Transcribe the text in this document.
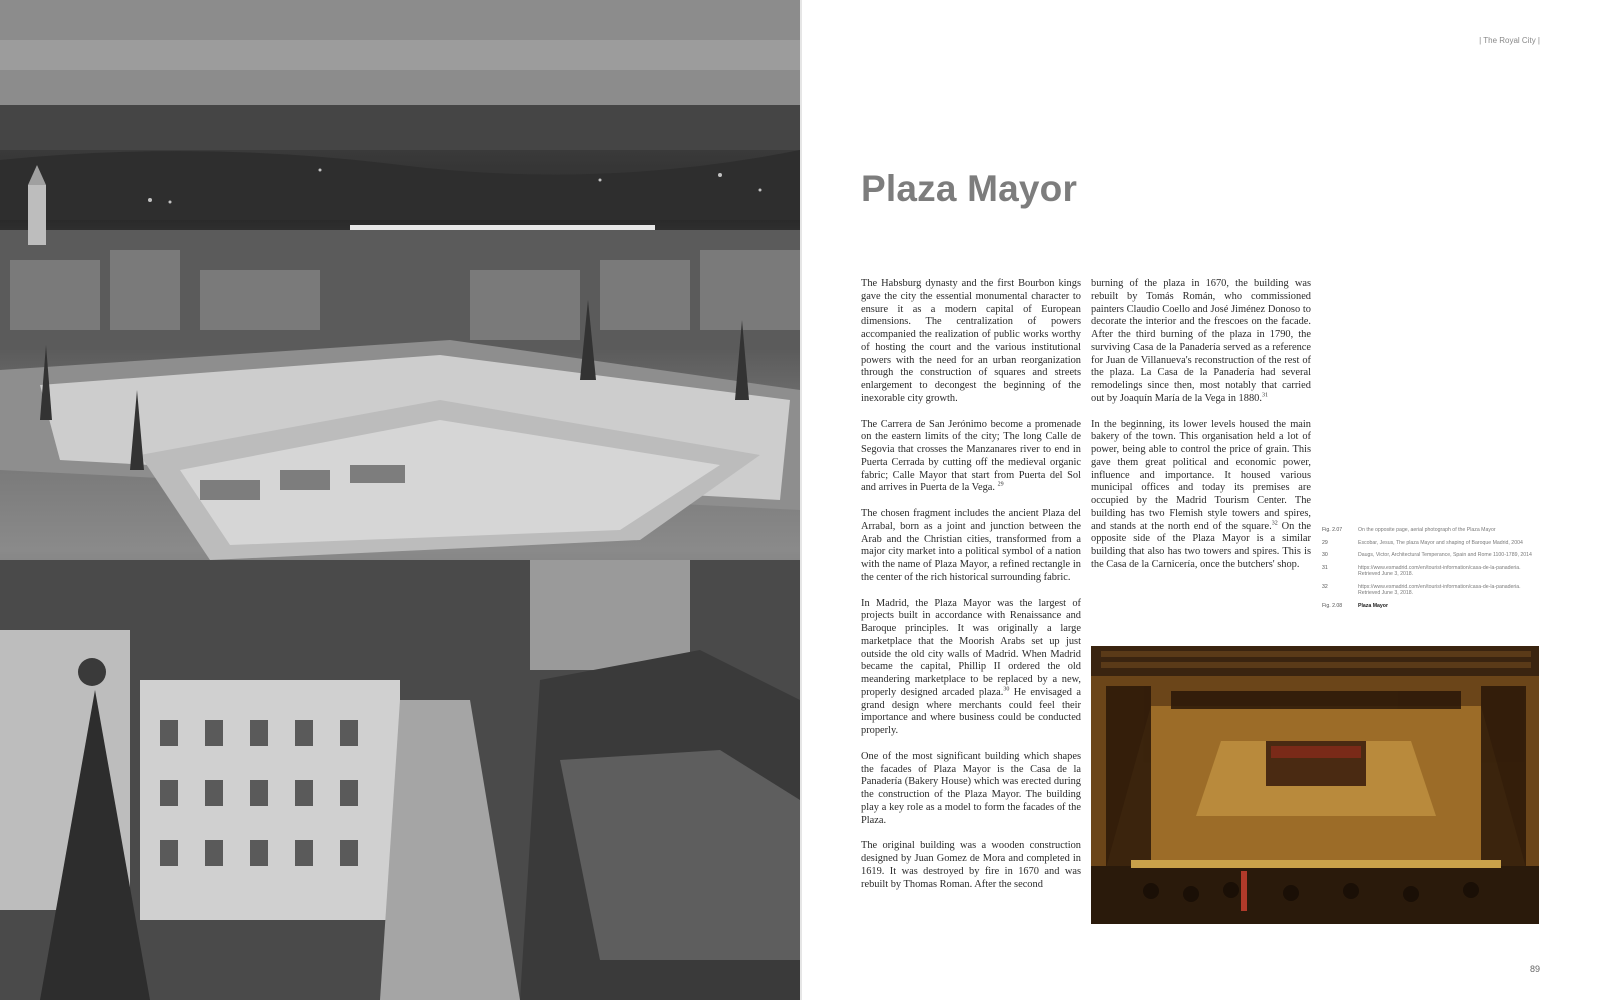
| The Royal City |
Plaza Mayor

The Habsburg dynasty and the first Bourbon kings gave the city the essential monumental character to ensure it as a modern capital of European dimensions. The centralization of powers accompanied the realization of public works worthy of hosting the court and the various institutional powers with the need for an urban reorganization through the construction of squares and streets enlargement to decongest the beginning of the inexorable city growth.

The Carrera de San Jerónimo become a promenade on the eastern limits of the city; The long Calle de Segovia that crosses the Manzanares river to end in Puerta Cerrada by cutting off the medieval organic fabric; Calle Mayor that start from Puerta del Sol and arrives in Puerta de la Vega. $^{29}$

The chosen fragment includes the ancient Plaza del Arrabal, born as a joint and junction between the Arab and the Christian cities, transformed from a major city market into a political symbol of a nation with the name of Plaza Mayor, a refined rectangle in the center of the rich historical surrounding fabric.

In Madrid, the Plaza Mayor was the largest of projects built in accordance with Renaissance and Baroque principles. It was originally a large marketplace that the Moorish Arabs set up just outside the old city walls of Madrid. When Madrid became the capital, Phillip II ordered the old meandering marketplace to be replaced by a new, properly designed arcaded plaza.$^{30}$ He envisaged a grand design where merchants could feel their importance and where business could be conducted properly.

One of the most significant building which shapes the facades of Plaza Mayor is the Casa de la Panadería (Bakery House) which was erected during the construction of the Plaza Mayor. The building play a key role as a model to form the facades of the Plaza.

The original building was a wooden construction designed by Juan Gomez de Mora and completed in 1619. It was destroyed by fire in 1670 and was rebuilt by Thomas Roman. After the second

burning of the plaza in 1670, the building was rebuilt by Tomás Román, who commissioned painters Claudio Coello and José Jiménez Donoso to decorate the interior and the frescoes on the facade. After the third burning of the plaza in 1790, the surviving Casa de la Panadería served as a reference for Juan de Villanueva's reconstruction of the rest of the plaza. La Casa de la Panadería had several remodelings since then, most notably that carried out by Joaquín María de la Vega in 1880.31

In the beginning, its lower levels housed the main bakery of the town. This organisation held a lot of power, being able to control the price of grain. This gave them great political and economic power, influence and importance. It housed various municipal offices and today its premises are occupied by the Madrid Tourism Center. The building has two Flemish style towers and spires, and stands at the north end of the square.$^{32}$ On the opposite side of the Plaza Mayor is a similar building that also has two towers and spires. This is the Casa de la Carnicería, once the butchers' shop.

Fig. 2.07	On the opposite page, aerial photograph of the Plaza Mayor
29	Escobar, Jesus, The plaza Mayor and shaping of Baroque Madrid, 2004
30	Daugs, Victor, Architectural Temperance, Spain and Rome 1100-1789, 2014
31	https://www.esmadrid.com/en/tourist-information/casa-de-la-panaderia. Retrieved June 3, 2018.
32	https://www.esmadrid.com/en/tourist-information/casa-de-la-panaderia. Retrieved June 3, 2018.
Fig. 2.08	Plaza Mayor
89
